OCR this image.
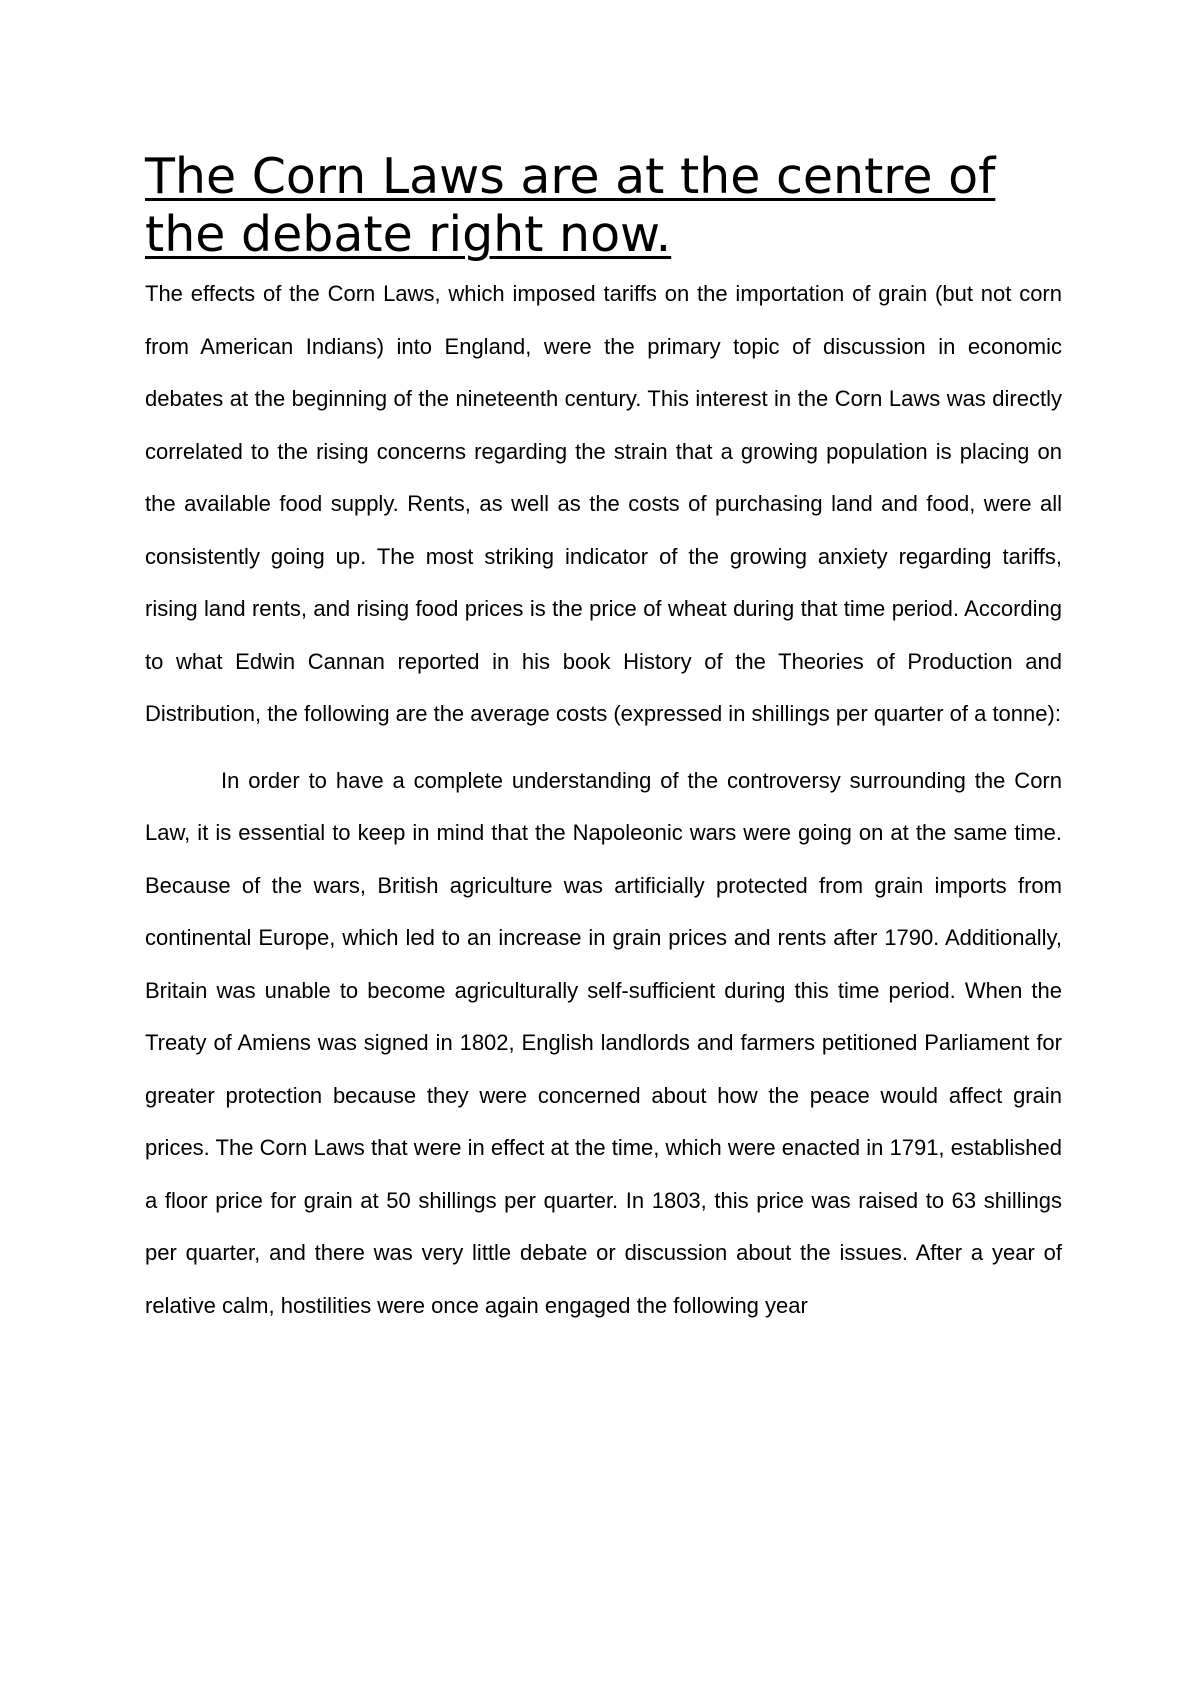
The Corn Laws are at the centre of the debate right now.

The effects of the Corn Laws, which imposed tariffs on the importation of grain (but not corn from American Indians) into England, were the primary topic of discussion in economic debates at the beginning of the nineteenth century. This interest in the Corn Laws was directly correlated to the rising concerns regarding the strain that a growing population is placing on the available food supply. Rents, as well as the costs of purchasing land and food, were all consistently going up. The most striking indicator of the growing anxiety regarding tariffs, rising land rents, and rising food prices is the price of wheat during that time period. According to what Edwin Cannan reported in his book History of the Theories of Production and Distribution, the following are the average costs (expressed in shillings per quarter of a tonne):

In order to have a complete understanding of the controversy surrounding the Corn Law, it is essential to keep in mind that the Napoleonic wars were going on at the same time. Because of the wars, British agriculture was artificially protected from grain imports from continental Europe, which led to an increase in grain prices and rents after 1790. Additionally, Britain was unable to become agriculturally self-sufficient during this time period. When the Treaty of Amiens was signed in 1802, English landlords and farmers petitioned Parliament for greater protection because they were concerned about how the peace would affect grain prices. The Corn Laws that were in effect at the time, which were enacted in 1791, established a floor price for grain at 50 shillings per quarter. In 1803, this price was raised to 63 shillings per quarter, and there was very little debate or discussion about the issues. After a year of relative calm, hostilities were once again engaged the following year
